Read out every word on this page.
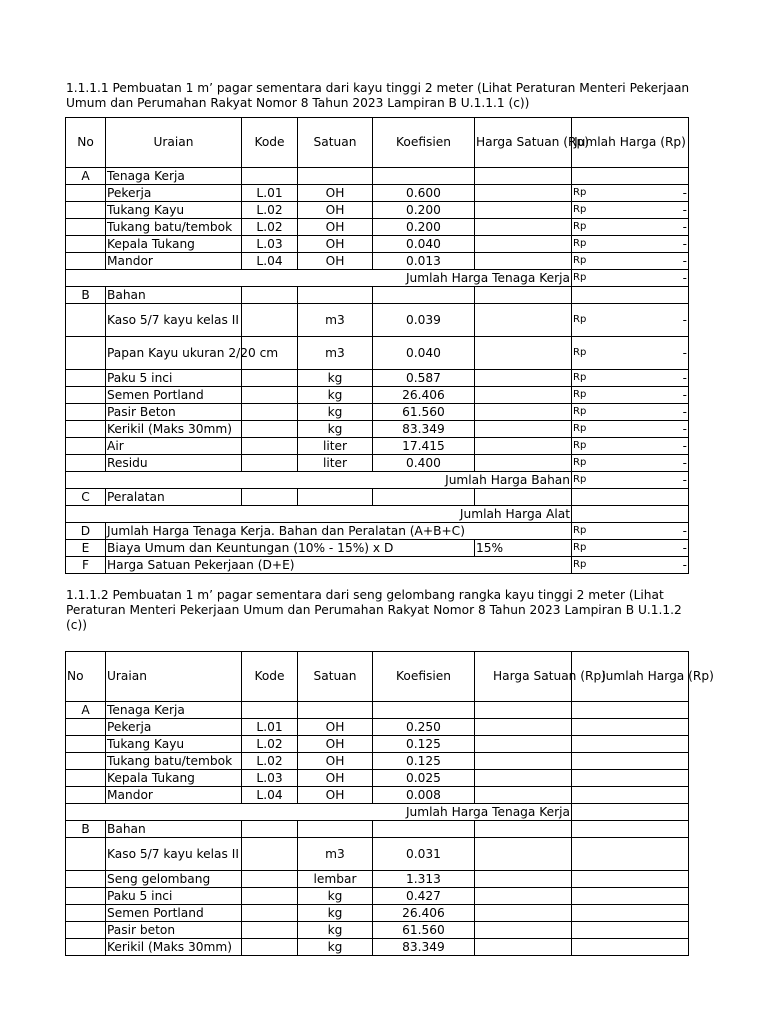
1.1.1.1 Pembuatan 1 m’ pagar sementara dari kayu tinggi 2 meter (Lihat Peraturan Menteri Pekerjaan Umum dan Perumahan Rakyat Nomor 8 Tahun 2023 Lampiran B U.1.1.1 (c))
No	Uraian	Kode	Satuan	Koefisien	Harga Satuan (Rp)	Jumlah Harga (Rp)
A	Tenaga Kerja					
	Pekerja	L.01	OH	0.600		Rp -

	Tukang Kayu	L.02	OH	0.200		Rp -

	Tukang batu/tembok	L.02	OH	0.200		Rp -

	Kepala Tukang	L.03	OH	0.040		Rp -

	Mandor	L.04	OH	0.013		Rp -

Jumlah Harga Tenaga Kerja						Rp -

B	Bahan					
	Kaso 5/7 kayu kelas II		m3	0.039		Rp -

	Papan Kayu ukuran 2/20 cm		m3	0.040		Rp -

	Paku 5 inci		kg	0.587		Rp -

	Semen Portland		kg	26.406		Rp -

	Pasir Beton		kg	61.560		Rp -

	Kerikil (Maks 30mm)		kg	83.349		Rp -

	Air		liter	17.415		Rp -

	Residu		liter	0.400		Rp -

Jumlah Harga Bahan						Rp -

C	Peralatan					
Jumlah Harga Alat						
D	Jumlah Harga Tenaga Kerja. Bahan dan Peralatan (A+B+C)					Rp -

E	Biaya Umum dan Keuntungan (10% - 15%) x D				15%	Rp -

F	Harga Satuan Pekerjaan (D+E)					Rp -
1.1.1.2 Pembuatan 1 m’ pagar sementara dari seng gelombang rangka kayu tinggi 2 meter (Lihat Peraturan Menteri Pekerjaan Umum dan Perumahan Rakyat Nomor 8 Tahun 2023 Lampiran B U.1.1.2 (c))
No	Uraian	Kode	Satuan	Koefisien	Harga Satuan (Rp)	Jumlah Harga (Rp)
A	Tenaga Kerja					
	Pekerja	L.01	OH	0.250		
	Tukang Kayu	L.02	OH	0.125		
	Tukang batu/tembok	L.02	OH	0.125		
	Kepala Tukang	L.03	OH	0.025		
	Mandor	L.04	OH	0.008		
Jumlah Harga Tenaga Kerja						
B	Bahan					
	Kaso 5/7 kayu kelas II		m3	0.031		
	Seng gelombang		lembar	1.313		
	Paku 5 inci		kg	0.427		
	Semen Portland		kg	26.406		
	Pasir beton		kg	61.560		
	Kerikil (Maks 30mm)		kg	83.349		
